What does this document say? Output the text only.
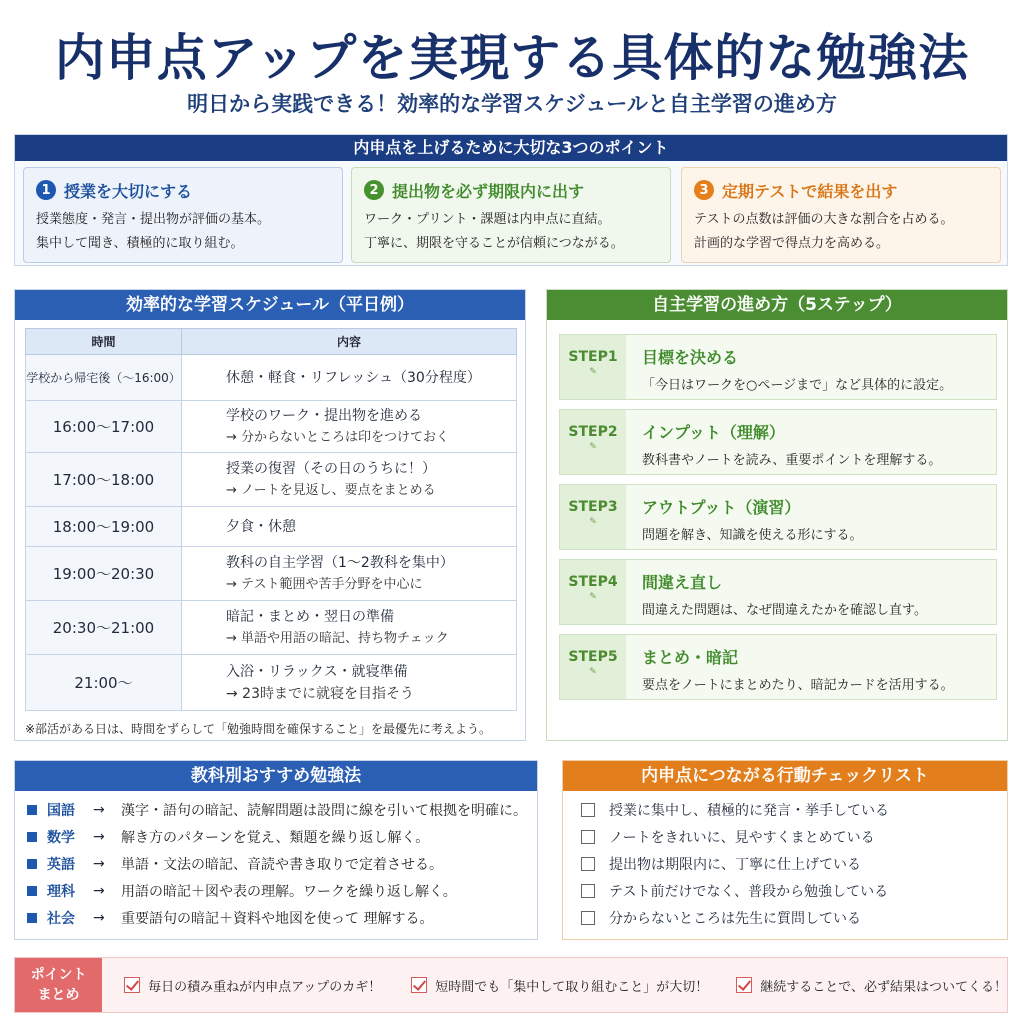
内申点アップを実現する具体的な勉強法
明日から実践できる！効率的な学習スケジュールと自主学習の進め方
内申点を上げるために大切な3つのポイント
1 授業を大切にする
授業態度・発言・提出物が評価の基本。
集中して聞き、積極的に取り組む。
2 提出物を必ず期限内に出す
ワーク・プリント・課題は内申点に直結。
丁寧に、期限を守ることが信頼につながる。
3 定期テストで結果を出す
テストの点数は評価の大きな割合を占める。
計画的な学習で得点力を高める。
効率的な学習スケジュール（平日例）
時間	内容
学校から帰宅後（〜16:00）	休憩・軽食・リフレッシュ（30分程度）

16:00〜17:00	学校のワーク・提出物を進める
→ 分からないところは印をつけておく

17:00〜18:00	授業の復習（その日のうちに！）
→ ノートを見返し、要点をまとめる

18:00〜19:00	夕食・休憩

19:00〜20:30	教科の自主学習（1〜2教科を集中）
→ テスト範囲や苦手分野を中心に

20:30〜21:00	暗記・まとめ・翌日の準備
→ 単語や用語の暗記、持ち物チェック

21:00〜	入浴・リラックス・就寝準備
→ 23時までに就寝を目指そう
※部活がある日は、時間をずらして「勉強時間を確保すること」を最優先に考えよう。
自主学習の進め方（5ステップ）
STEP1
✎
目標を決める
「今日はワークを○ページまで」など具体的に設定。
STEP2
✎
インプット（理解）
教科書やノートを読み、重要ポイントを理解する。
STEP3
✎
アウトプット（演習）
問題を解き、知識を使える形にする。
STEP4
✎
間違え直し
間違えた問題は、なぜ間違えたかを確認し直す。
STEP5
✎
まとめ・暗記
要点をノートにまとめたり、暗記カードを活用する。
教科別おすすめ勉強法
国語	→	漢字・語句の暗記、読解問題は設問に線を引いて根拠を明確に。
数学	→	解き方のパターンを覚え、類題を繰り返し解く。
英語	→	単語・文法の暗記、音読や書き取りで定着させる。
理科	→	用語の暗記＋図や表の理解。ワークを繰り返し解く。
社会	→	重要語句の暗記＋資料や地図を使って 理解する。
内申点につながる行動チェックリスト
授業に集中し、積極的に発言・挙手している
ノートをきれいに、見やすくまとめている
提出物は期限内に、丁寧に仕上げている
テスト前だけでなく、普段から勉強している
分からないところは先生に質問している
ポイント
まとめ	毎日の積み重ねが内申点アップのカギ！	短時間でも「集中して取り組むこと」が大切！	継続することで、必ず結果はついてくる！
